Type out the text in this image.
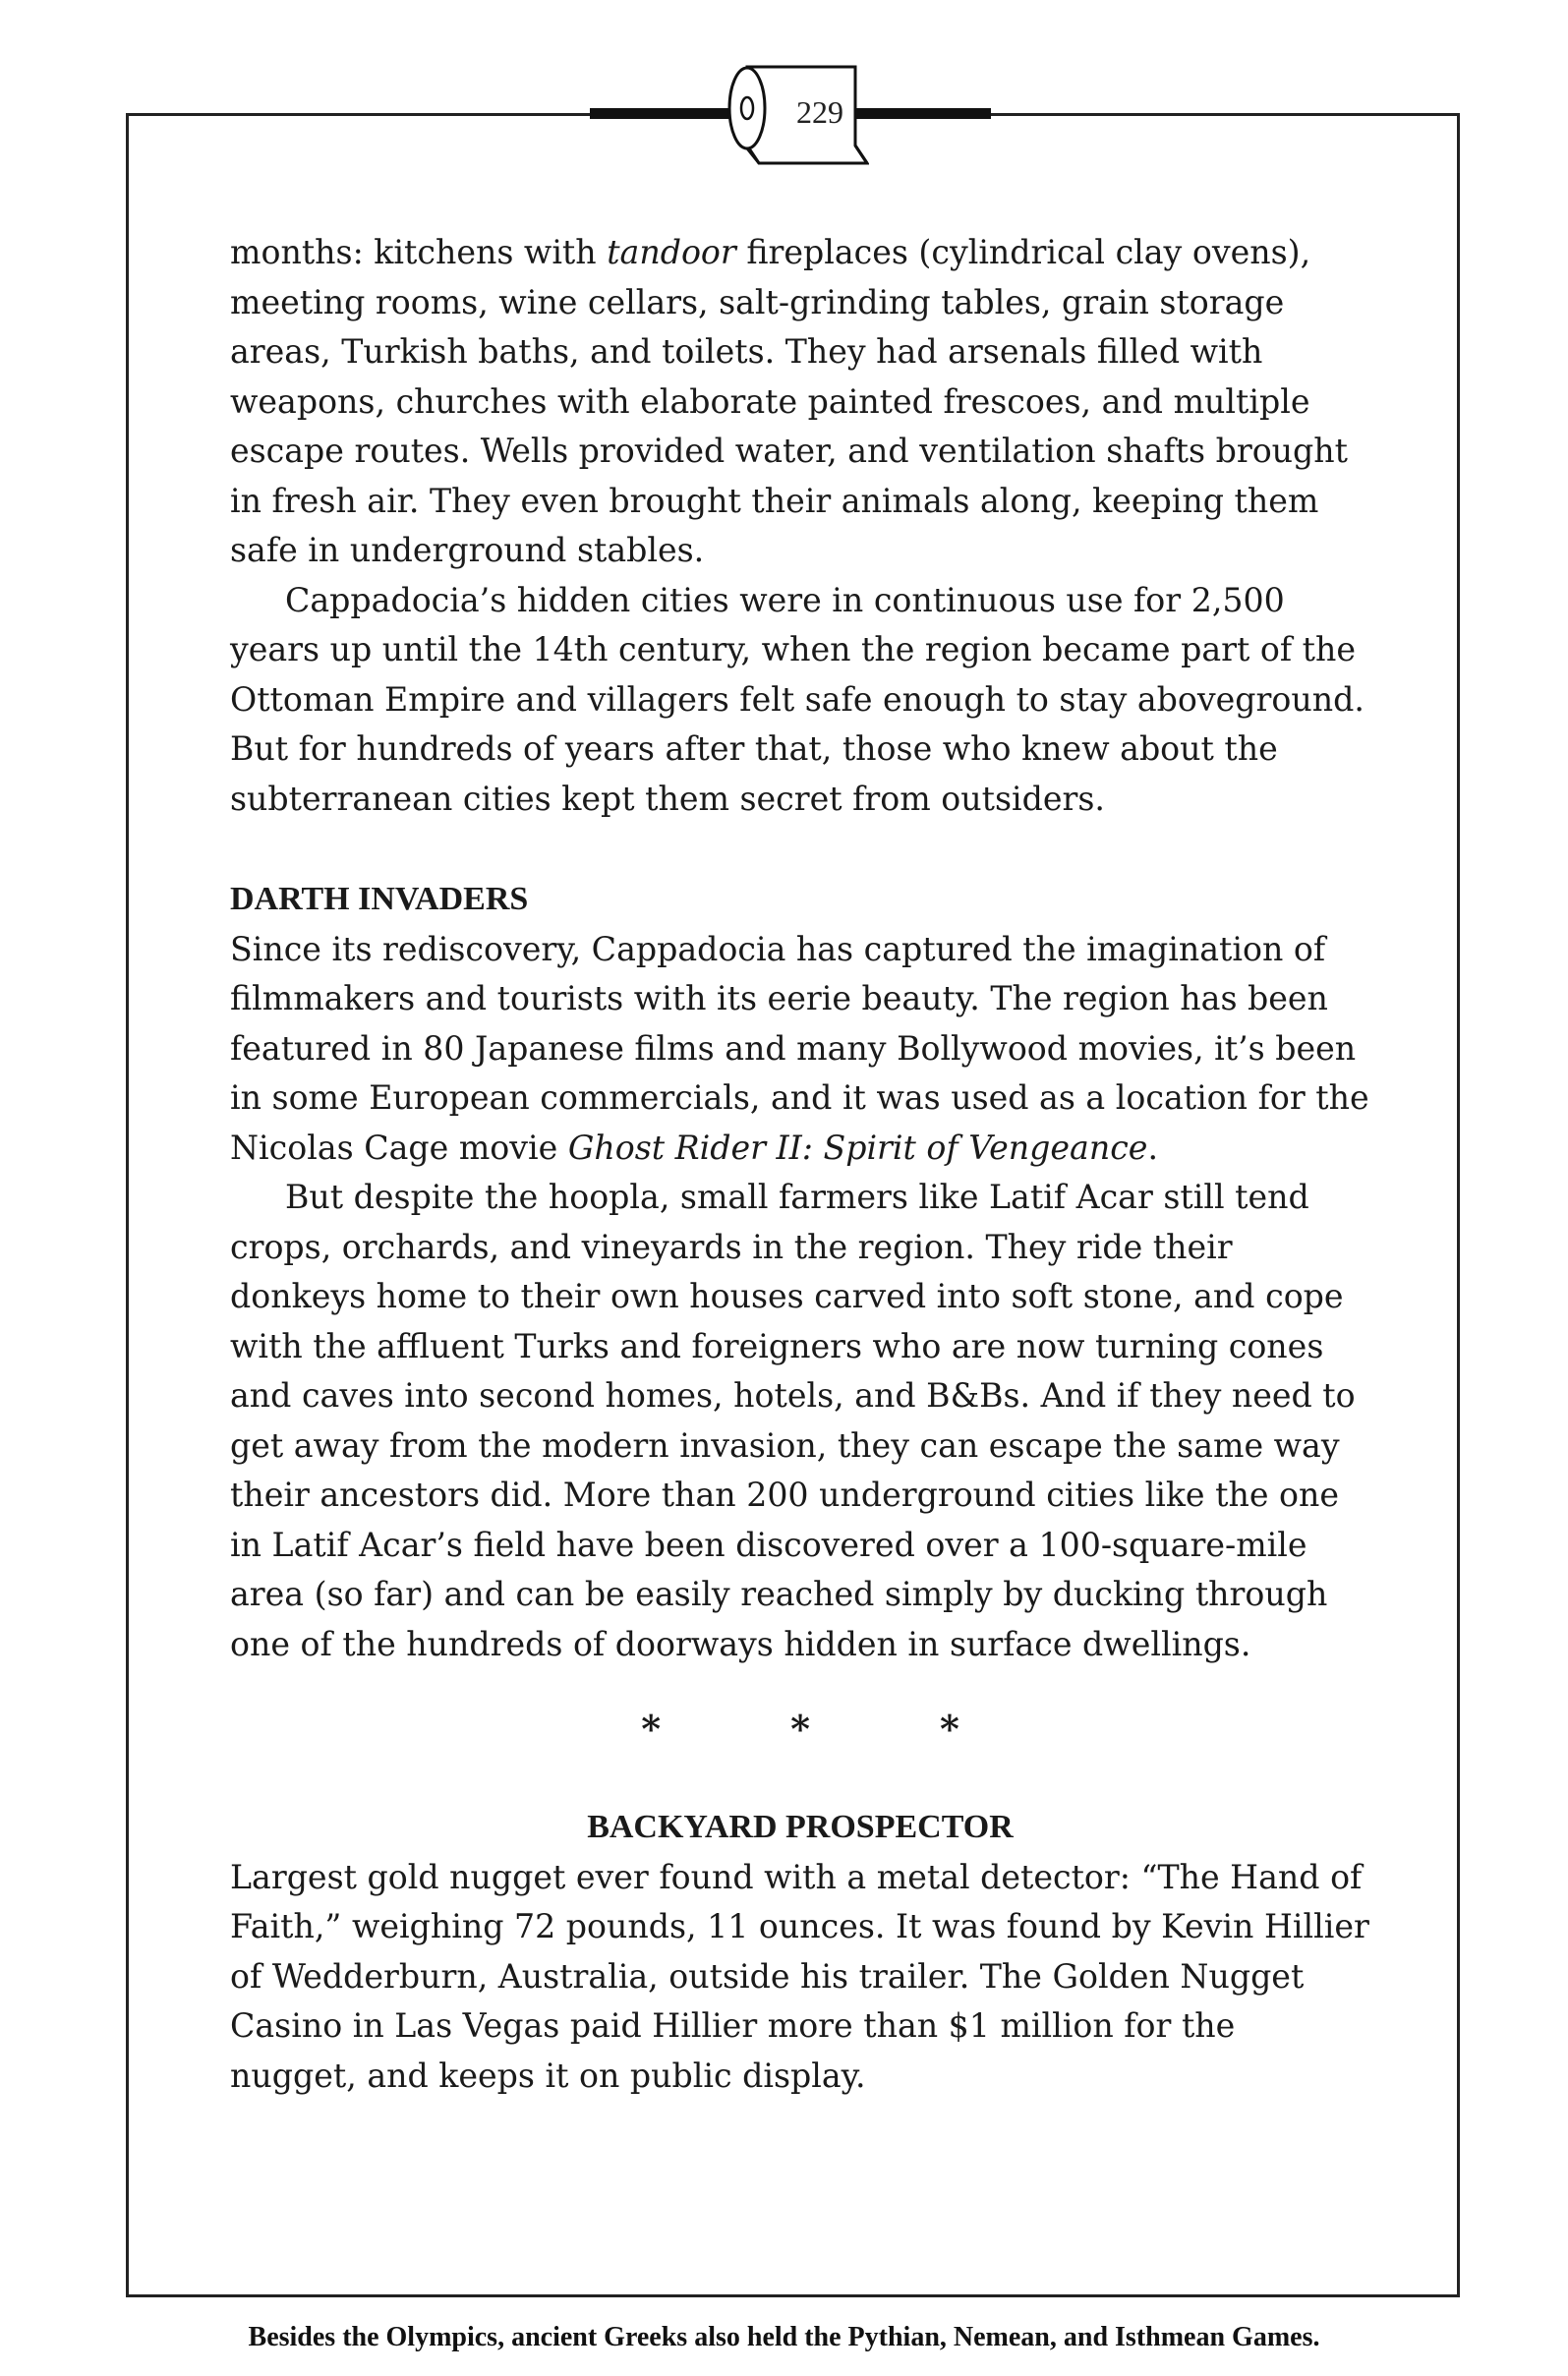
229

months: kitchens with tandoor fireplaces (cylindrical clay ovens), meeting rooms, wine cellars, salt-grinding tables, grain storage areas, Turkish baths, and toilets. They had arsenals filled with weapons, churches with elaborate painted frescoes, and multiple escape routes. Wells provided water, and ventilation shafts brought in fresh air. They even brought their animals along, keeping them safe in underground stables.

Cappadocia’s hidden cities were in continuous use for 2,500 years up until the 14th century, when the region became part of the Ottoman Empire and villagers felt safe enough to stay aboveground. But for hundreds of years after that, those who knew about the subterranean cities kept them secret from outsiders.

DARTH INVADERS

Since its rediscovery, Cappadocia has captured the imagination of filmmakers and tourists with its eerie beauty. The region has been featured in 80 Japanese films and many Bollywood movies, it’s been in some European commercials, and it was used as a location for the Nicolas Cage movie Ghost Rider II: Spirit of Vengeance.

But despite the hoopla, small farmers like Latif Acar still tend crops, orchards, and vineyards in the region. They ride their donkeys home to their own houses carved into soft stone, and cope with the affluent Turks and foreigners who are now turning cones and caves into second homes, hotels, and B&Bs. And if they need to get away from the modern invasion, they can escape the same way their ancestors did. More than 200 underground cities like the one in Latif Acar’s field have been discovered over a 100-square-mile area (so far) and can be easily reached simply by ducking through one of the hundreds of doorways hidden in surface dwellings.

*	*	*
BACKYARD PROSPECTOR

Largest gold nugget ever found with a metal detector: “The Hand of Faith,” weighing 72 pounds, 11 ounces. It was found by Kevin Hillier of Wedderburn, Australia, outside his trailer. The Golden Nugget Casino in Las Vegas paid Hillier more than $1 million for the nugget, and keeps it on public display.

Besides the Olympics, ancient Greeks also held the Pythian, Nemean, and Isthmean Games.
